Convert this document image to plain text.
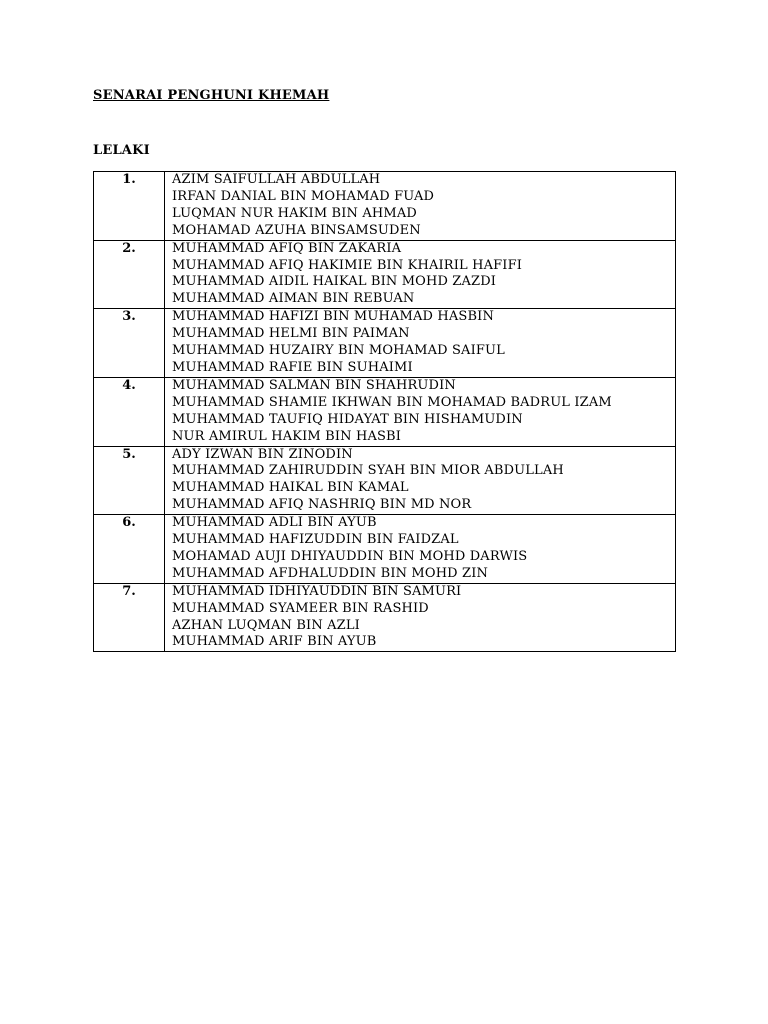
SENARAI PENGHUNI KHEMAH
LELAKI
1.	AZIM SAIFULLAH ABDULLAH
IRFAN DANIAL BIN MOHAMAD FUAD
LUQMAN NUR HAKIM BIN AHMAD
MOHAMAD AZUHA BINSAMSUDEN

2.	MUHAMMAD AFIQ BIN ZAKARIA
MUHAMMAD AFIQ HAKIMIE BIN KHAIRIL HAFIFI
MUHAMMAD AIDIL HAIKAL BIN MOHD ZAZDI
MUHAMMAD AIMAN BIN REBUAN

3.	MUHAMMAD HAFIZI BIN MUHAMAD HASBIN
MUHAMMAD HELMI BIN PAIMAN
MUHAMMAD HUZAIRY BIN MOHAMAD SAIFUL
MUHAMMAD RAFIE BIN SUHAIMI

4.	MUHAMMAD SALMAN BIN SHAHRUDIN
MUHAMMAD SHAMIE IKHWAN BIN MOHAMAD BADRUL IZAM
MUHAMMAD TAUFIQ HIDAYAT BIN HISHAMUDIN
NUR AMIRUL HAKIM BIN HASBI

5.	ADY IZWAN BIN ZINODIN
MUHAMMAD ZAHIRUDDIN SYAH BIN MIOR ABDULLAH
MUHAMMAD HAIKAL BIN KAMAL
MUHAMMAD AFIQ NASHRIQ BIN MD NOR

6.	MUHAMMAD ADLI BIN AYUB
MUHAMMAD HAFIZUDDIN BIN FAIDZAL
MOHAMAD AUJI DHIYAUDDIN BIN MOHD DARWIS
MUHAMMAD AFDHALUDDIN BIN MOHD ZIN

7.	MUHAMMAD IDHIYAUDDIN BIN SAMURI
MUHAMMAD SYAMEER BIN RASHID
AZHAN LUQMAN BIN AZLI
MUHAMMAD ARIF BIN AYUB
